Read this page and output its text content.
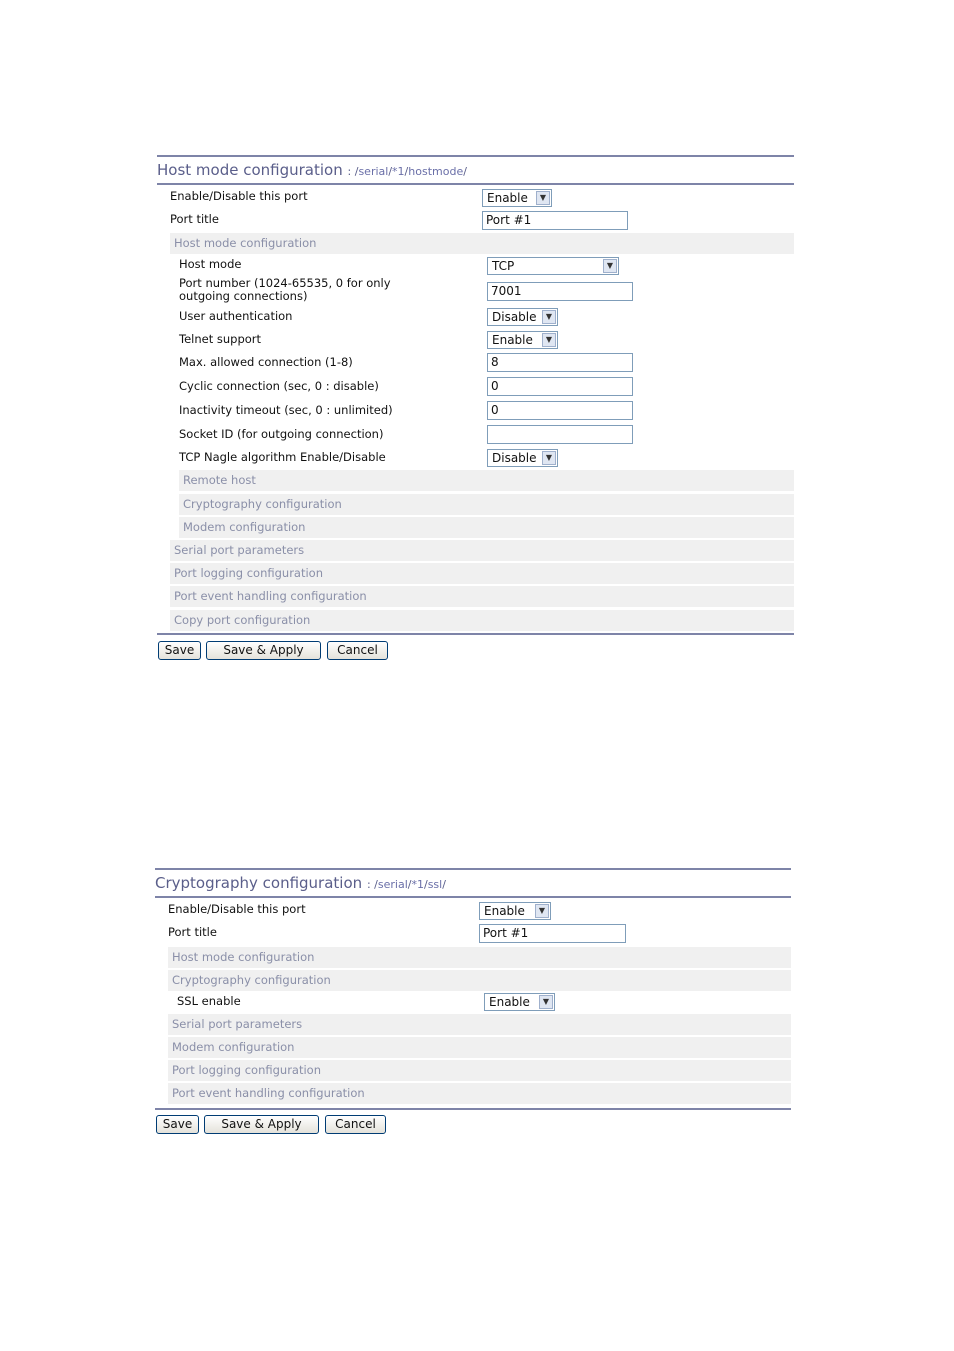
Host mode configuration : /serial/*1/hostmode/
Enable/Disable this port	Enable	▼
Port title	Port #1
Host mode configuration
Host mode	TCP	▼
Port number (1024-65535, 0 for only outgoing connections)	7001
User authentication	Disable	▼
Telnet support	Enable	▼
Max. allowed connection (1-8)	8
Cyclic connection (sec, 0 : disable)	0
Inactivity timeout (sec, 0 : unlimited)	0
Socket ID (for outgoing connection)
TCP Nagle algorithm Enable/Disable	Disable	▼
Remote host
Cryptography configuration
Modem configuration
Serial port parameters
Port logging configuration
Port event handling configuration
Copy port configuration
Save	Save & Apply	Cancel
Cryptography configuration : /serial/*1/ssl/
Enable/Disable this port	Enable	▼
Port title	Port #1
Host mode configuration
Cryptography configuration
SSL enable	Enable	▼
Serial port parameters
Modem configuration
Port logging configuration
Port event handling configuration
Save	Save & Apply	Cancel
